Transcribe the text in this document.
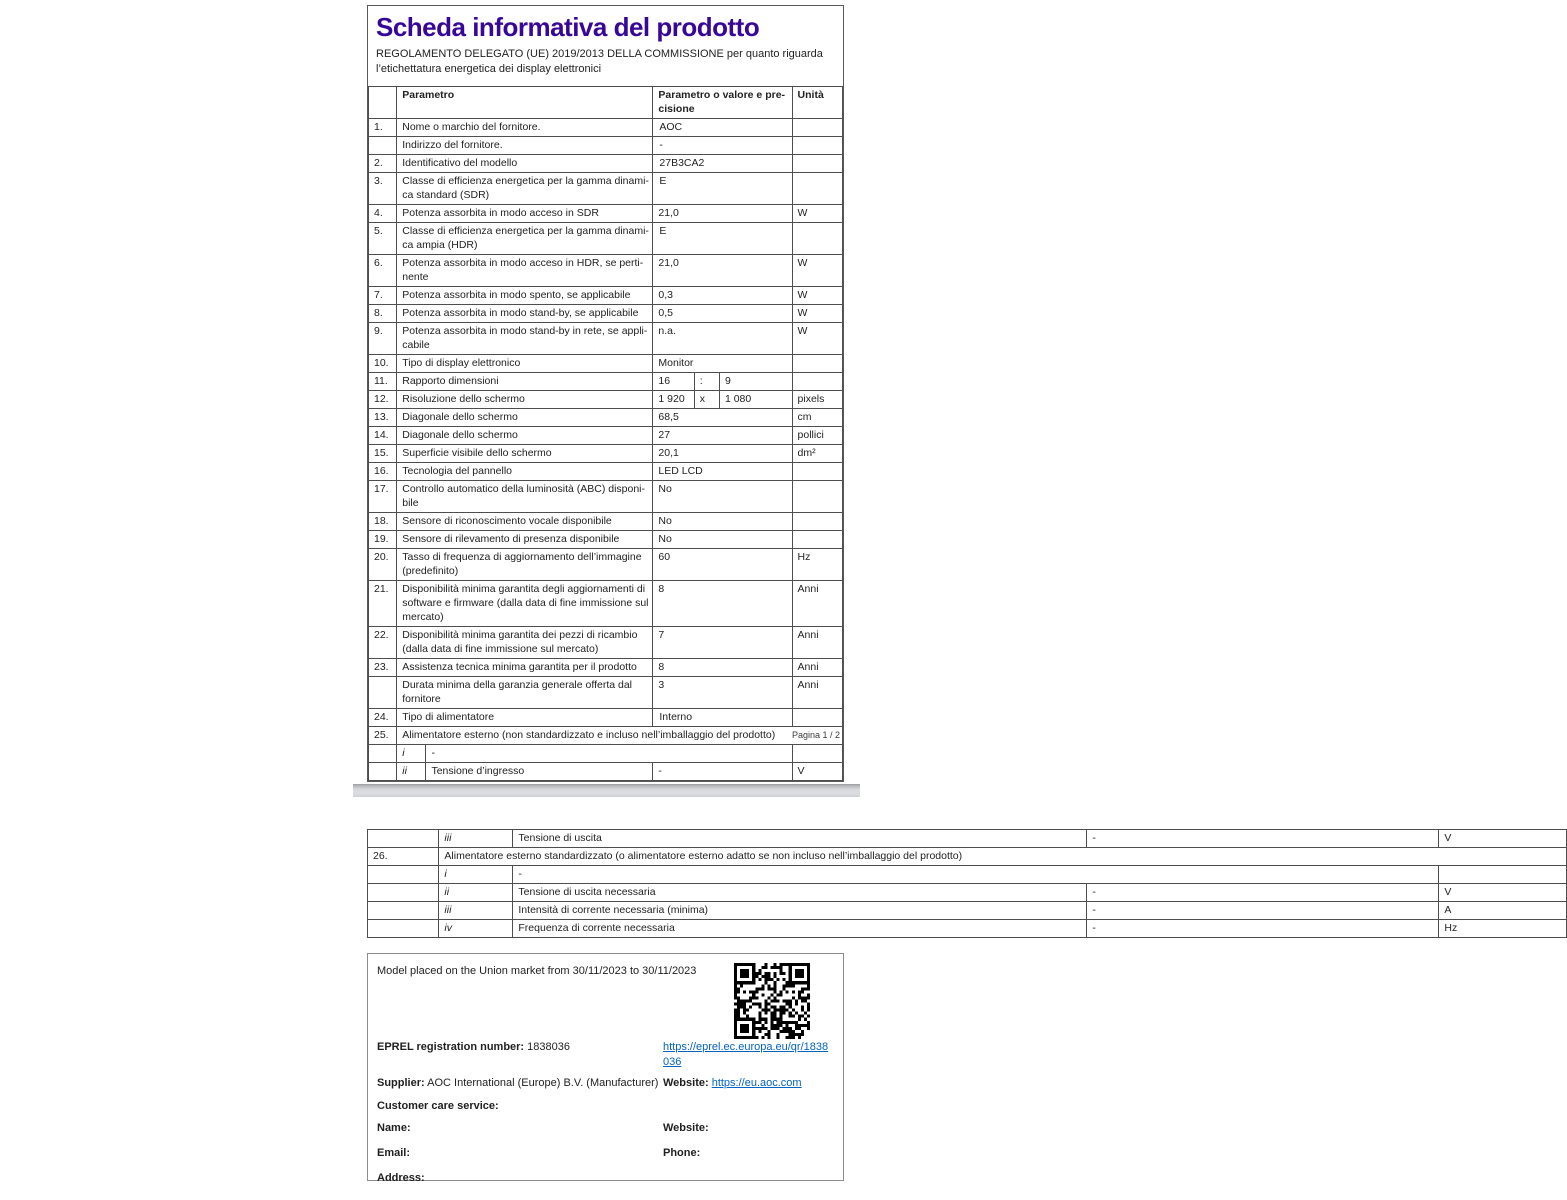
Scheda informativa del prodotto
REGOLAMENTO DELEGATO (UE) 2019/2013 DELLA COMMISSIONE per quanto riguarda l’etichettatura energetica dei display elettronici
	Parametro		Parametro o valore e precisione			Unità
1.	Nome o marchio del fornitore.		AOC			
	Indirizzo del fornitore.		-			
2.	Identificativo del modello		27B3CA2			
3.	Classe di efficienza energetica per la gamma dinamica standard (SDR)		E			
4.	Potenza assorbita in modo acceso in SDR		21,0			W
5.	Classe di efficienza energetica per la gamma dinamica ampia (HDR)		E			
6.	Potenza assorbita in modo acceso in HDR, se pertinente		21,0			W
7.	Potenza assorbita in modo spento, se applicabile		0,3			W
8.	Potenza assorbita in modo stand-by, se applicabile		0,5			W
9.	Potenza assorbita in modo stand-by in rete, se applicabile		n.a.			W
10.	Tipo di display elettronico		Monitor			
11.	Rapporto dimensioni		16	:	9	
12.	Risoluzione dello schermo		1 920	x	1 080	pixels
13.	Diagonale dello schermo		68,5			cm
14.	Diagonale dello schermo		27			pollici
15.	Superficie visibile dello schermo		20,1			dm²
16.	Tecnologia del pannello		LED LCD			
17.	Controllo automatico della luminosità (ABC) disponibile		No			
18.	Sensore di riconoscimento vocale disponibile		No			
19.	Sensore di rilevamento di presenza disponibile		No			
20.	Tasso di frequenza di aggiornamento dell’immagine (predefinito)		60			Hz
21.	Disponibilità minima garantita degli aggiornamenti di software e firmware (dalla data di fine immissione sul mercato)		8			Anni
22.	Disponibilità minima garantita dei pezzi di ricambio (dalla data di fine immissione sul mercato)		7			Anni
23.	Assistenza tecnica minima garantita per il prodotto		8			Anni
	Durata minima della garanzia generale offerta dal fornitore		3			Anni
24.	Tipo di alimentatore		Interno			
25.	Alimentatore esterno (non standardizzato e incluso nell’imballaggio del prodotto)					
	i	-				
	ii	Tensione d’ingresso	-			V
Pagina 1 / 2
	iii	Tensione di uscita	-	V
26.	Alimentatore esterno standardizzato (o alimentatore esterno adatto se non incluso nell’imballaggio del prodotto)			
	i	-		
	ii	Tensione di uscita necessaria	-	V
	iii	Intensità di corrente necessaria (minima)	-	A
	iv	Frequenza di corrente necessaria	-	Hz
Model placed on the Union market from 30/11/2023 to 30/11/2023
EPREL registration number: 1838036	https://eprel.ec.europa.eu/qr/1838036
Supplier: AOC International (Europe) B.V. (Manufacturer) Website: https://eu.aoc.com
Customer care service:
Name:	Website:
Email:	Phone:
Address:
